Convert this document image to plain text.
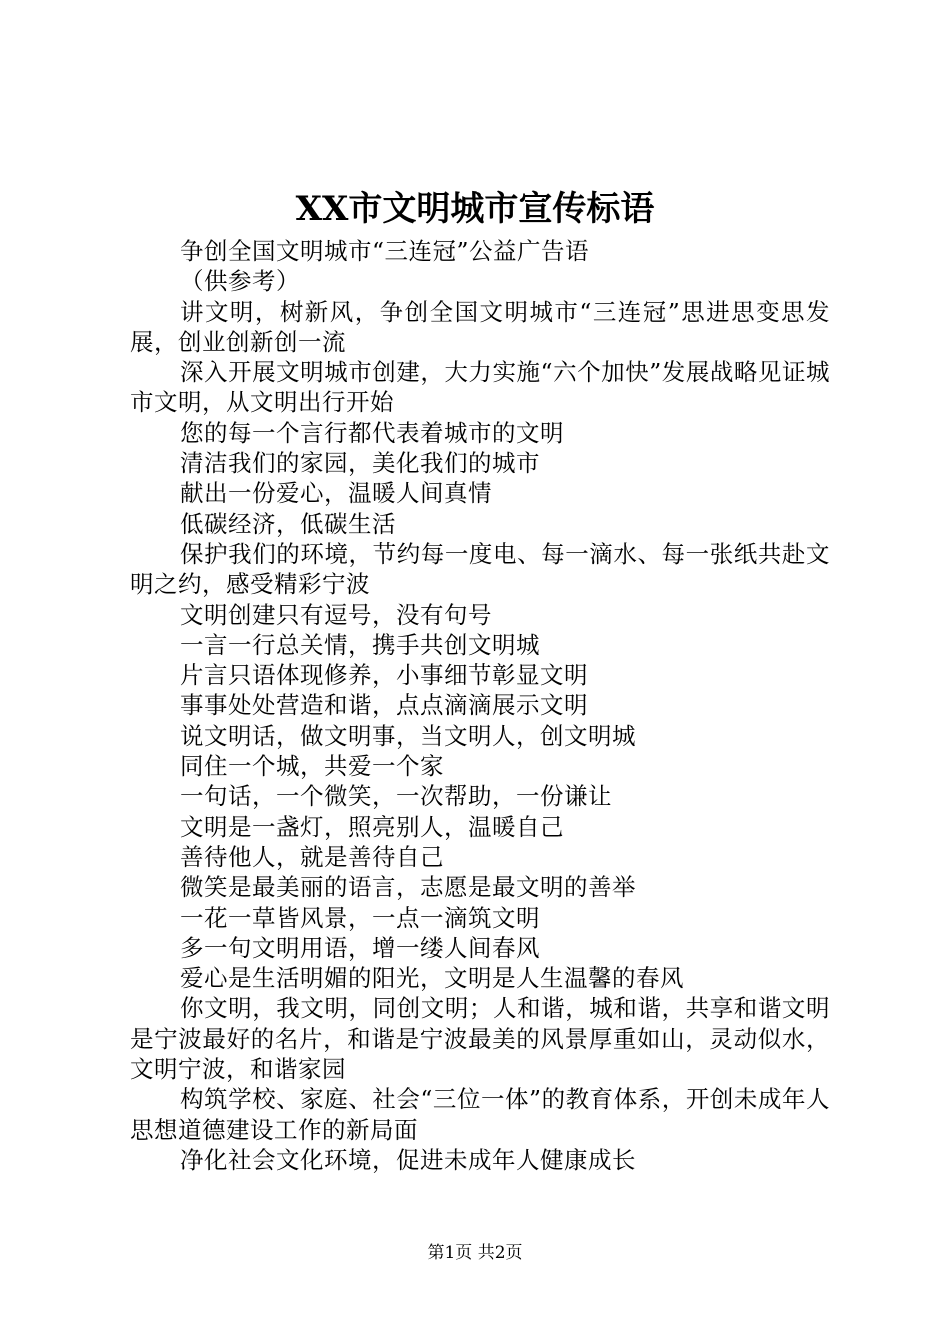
XX市文明城市宣传标语

争创全国文明城市“三连冠”公益广告语

（供参考）

讲文明，树新风，争创全国文明城市“三连冠”思进思变思发展，创业创新创一流

深入开展文明城市创建，大力实施“六个加快”发展战略见证城市文明，从文明出行开始

您的每一个言行都代表着城市的文明

清洁我们的家园，美化我们的城市

献出一份爱心，温暖人间真情

低碳经济，低碳生活

保护我们的环境，节约每一度电、每一滴水、每一张纸共赴文明之约，感受精彩宁波

文明创建只有逗号，没有句号

一言一行总关情，携手共创文明城

片言只语体现修养，小事细节彰显文明

事事处处营造和谐，点点滴滴展示文明

说文明话，做文明事，当文明人，创文明城

同住一个城，共爱一个家

一句话，一个微笑，一次帮助，一份谦让

文明是一盏灯，照亮别人，温暖自己

善待他人，就是善待自己

微笑是最美丽的语言，志愿是最文明的善举

一花一草皆风景，一点一滴筑文明

多一句文明用语，增一缕人间春风

爱心是生活明媚的阳光，文明是人生温馨的春风

你文明，我文明，同创文明；人和谐，城和谐，共享和谐文明是宁波最好的名片，和谐是宁波最美的风景厚重如山，灵动似水，文明宁波，和谐家园

构筑学校、家庭、社会“三位一体”的教育体系，开创未成年人思想道德建设工作的新局面

净化社会文化环境，促进未成年人健康成长

第1页 共2页
